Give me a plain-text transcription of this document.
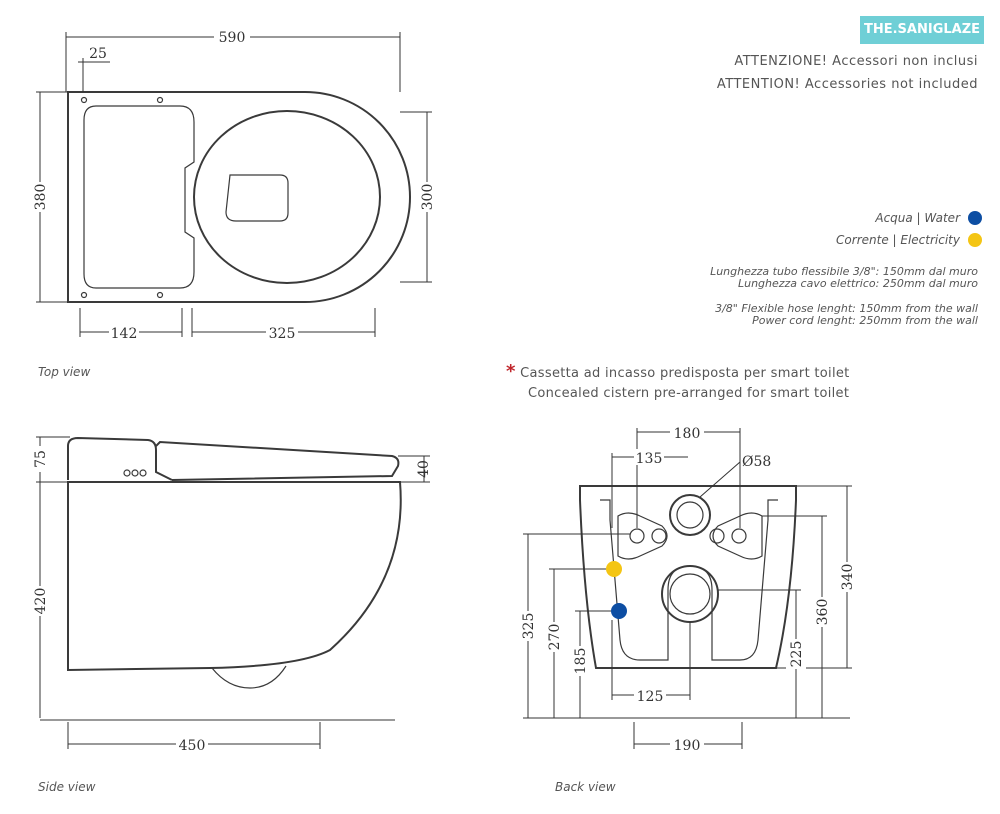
THE.SANIGLAZE
ATTENZIONE! Accessori non inclusi
ATTENTION! Accessories not included
Acqua | Water
Corrente | Electricity
Lunghezza tubo flessibile 3/8": 150mm dal muro
Lunghezza cavo elettrico: 250mm dal muro
3/8" Flexible hose lenght: 150mm from the wall
Power cord lenght: 250mm from the wall
* Cassetta ad incasso predisposta per smart toilet
Concealed cistern pre-arranged for smart toilet
Top view
Side view	Back view
590
25
380	300
142	325
75
420
40
450
180
135	Ø58
340
360
225
325 270
185
125
190
